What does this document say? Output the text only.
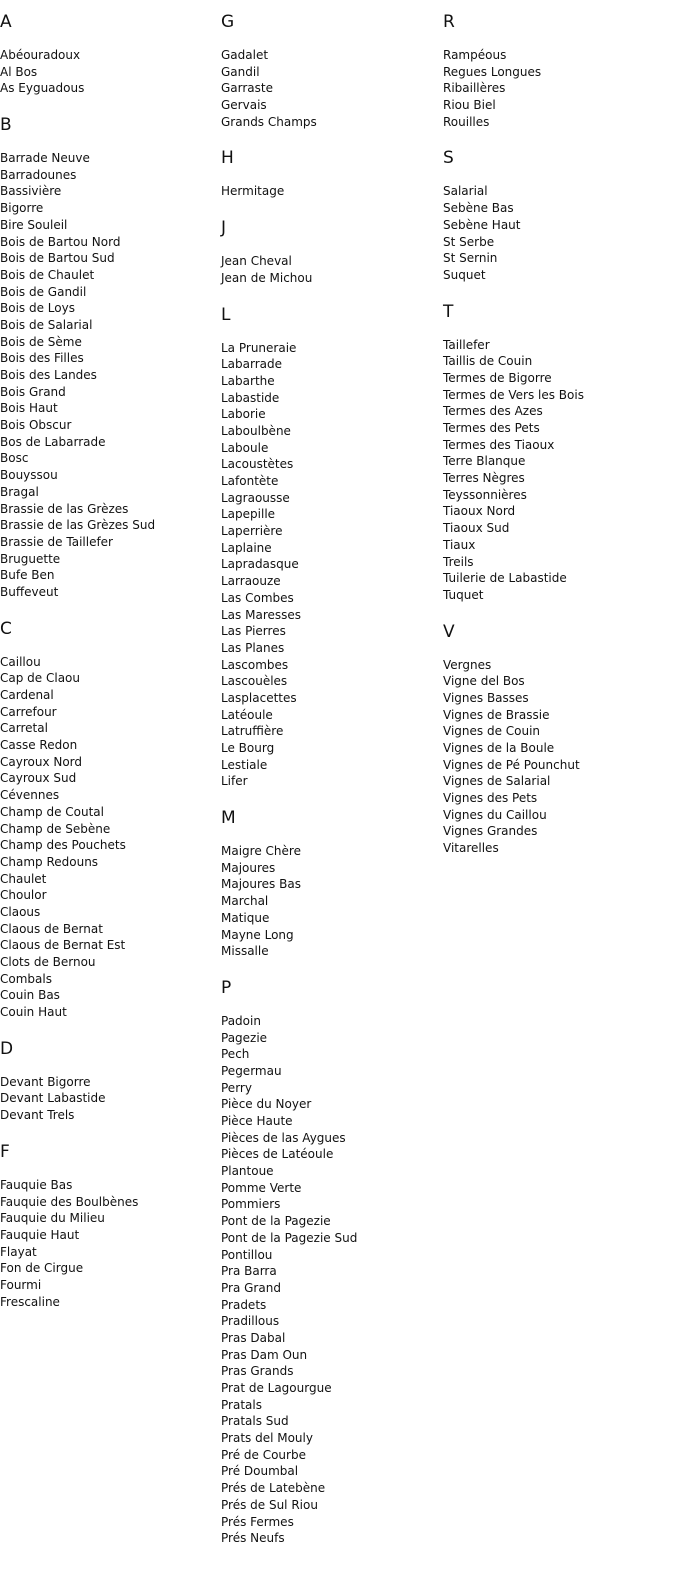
A
Abéouradoux
Al Bos
As Eyguadous
B
Barrade Neuve
Barradounes
Bassivière
Bigorre
Bire Souleil
Bois de Bartou Nord
Bois de Bartou Sud
Bois de Chaulet
Bois de Gandil
Bois de Loys
Bois de Salarial
Bois de Sème
Bois des Filles
Bois des Landes
Bois Grand
Bois Haut
Bois Obscur
Bos de Labarrade
Bosc
Bouyssou
Bragal
Brassie de las Grèzes
Brassie de las Grèzes Sud
Brassie de Taillefer
Bruguette
Bufe Ben
Buffeveut
C
Caillou
Cap de Claou
Cardenal
Carrefour
Carretal
Casse Redon
Cayroux Nord
Cayroux Sud
Cévennes
Champ de Coutal
Champ de Sebène
Champ des Pouchets
Champ Redouns
Chaulet
Choulor
Claous
Claous de Bernat
Claous de Bernat Est
Clots de Bernou
Combals
Couin Bas
Couin Haut
D
Devant Bigorre
Devant Labastide
Devant Trels
F
Fauquie Bas
Fauquie des Boulbènes
Fauquie du Milieu
Fauquie Haut
Flayat
Fon de Cirgue
Fourmi
Frescaline
G
Gadalet
Gandil
Garraste
Gervais
Grands Champs
H
Hermitage
J
Jean Cheval
Jean de Michou
L
La Pruneraie
Labarrade
Labarthe
Labastide
Laborie
Laboulbène
Laboule
Lacoustètes
Lafontète
Lagraousse
Lapepille
Laperrière
Laplaine
Lapradasque
Larraouze
Las Combes
Las Maresses
Las Pierres
Las Planes
Lascombes
Lascouèles
Lasplacettes
Latéoule
Latruffière
Le Bourg
Lestiale
Lifer
M
Maigre Chère
Majoures
Majoures Bas
Marchal
Matique
Mayne Long
Missalle
P
Padoin
Pagezie
Pech
Pegermau
Perry
Pièce du Noyer
Pièce Haute
Pièces de las Aygues
Pièces de Latéoule
Plantoue
Pomme Verte
Pommiers
Pont de la Pagezie
Pont de la Pagezie Sud
Pontillou
Pra Barra
Pra Grand
Pradets
Pradillous
Pras Dabal
Pras Dam Oun
Pras Grands
Prat de Lagourgue
Pratals
Pratals Sud
Prats del Mouly
Pré de Courbe
Pré Doumbal
Prés de Latebène
Prés de Sul Riou
Prés Fermes
Prés Neufs
R
Rampéous
Regues Longues
Ribaillères
Riou Biel
Rouilles
S
Salarial
Sebène Bas
Sebène Haut
St Serbe
St Sernin
Suquet
T
Taillefer
Taillis de Couin
Termes de Bigorre
Termes de Vers les Bois
Termes des Azes
Termes des Pets
Termes des Tiaoux
Terre Blanque
Terres Nègres
Teyssonnières
Tiaoux Nord
Tiaoux Sud
Tiaux
Treils
Tuilerie de Labastide
Tuquet
V
Vergnes
Vigne del Bos
Vignes Basses
Vignes de Brassie
Vignes de Couin
Vignes de la Boule
Vignes de Pé Pounchut
Vignes de Salarial
Vignes des Pets
Vignes du Caillou
Vignes Grandes
Vitarelles
